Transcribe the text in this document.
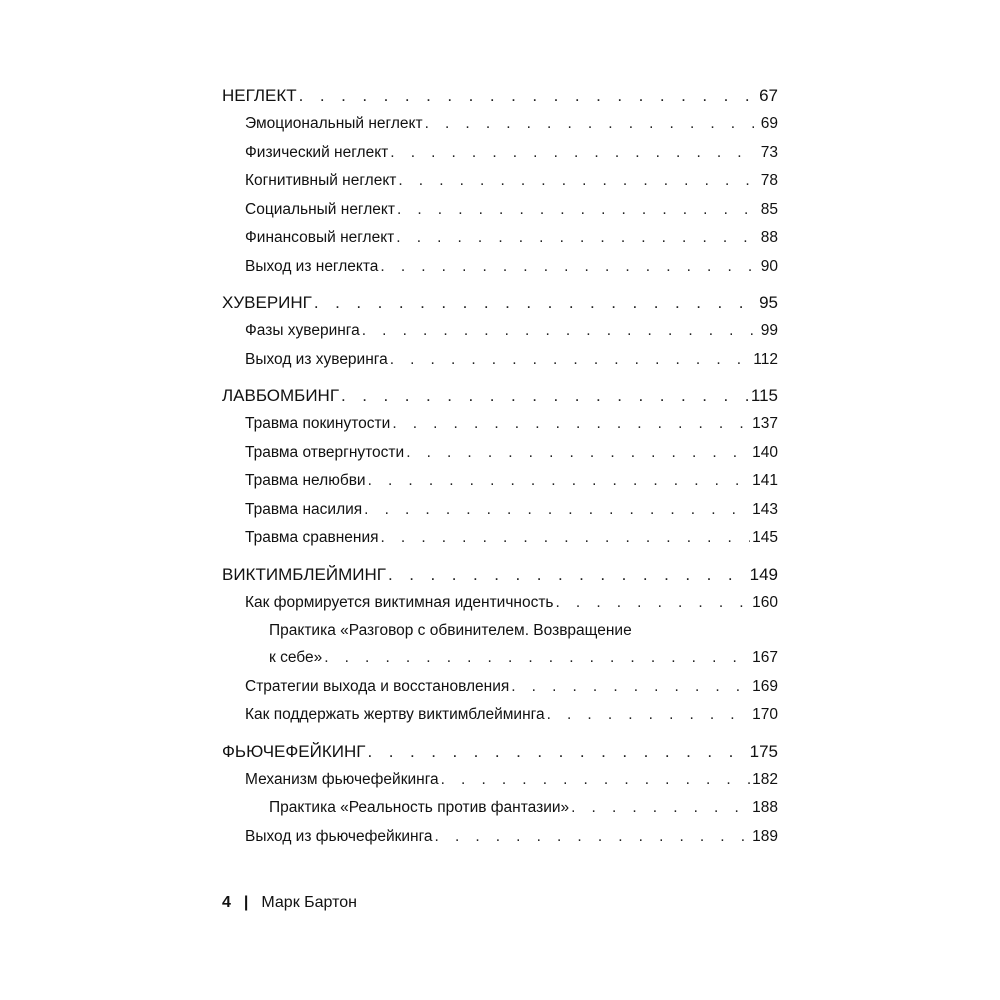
НЕГЛЕКТ . . .	67
Эмоциональный неглект . . .	69
Физический неглект . . .	73
Когнитивный неглект . . .	78
Социальный неглект . . .	85
Финансовый неглект . . .	88
Выход из неглекта . . .	90
ХУВЕРИНГ . . .	95
Фазы хуверинга . . .	99
Выход из хуверинга . . .	112
ЛАВБОМБИНГ . . .	115
Травма покинутости . . .	137
Травма отвергнутости . . .	140
Травма нелюбви . . .	141
Травма насилия . . .	143
Травма сравнения . . .	145
ВИКТИМБЛЕЙМИНГ . . .	149
Как формируется виктимная идентичность . . .	160
Практика «Разговор с обвинителем. Возвращение
к себе» . . .	167
Стратегии выхода и восстановления . . .	169
Как поддержать жертву виктимблейминга . . .	170
ФЬЮЧЕФЕЙКИНГ . . .	175
Механизм фьючефейкинга . . .	182
Практика «Реальность против фантазии» . . .	188
Выход из фьючефейкинга . . .	189
4 | Марк Бартон
